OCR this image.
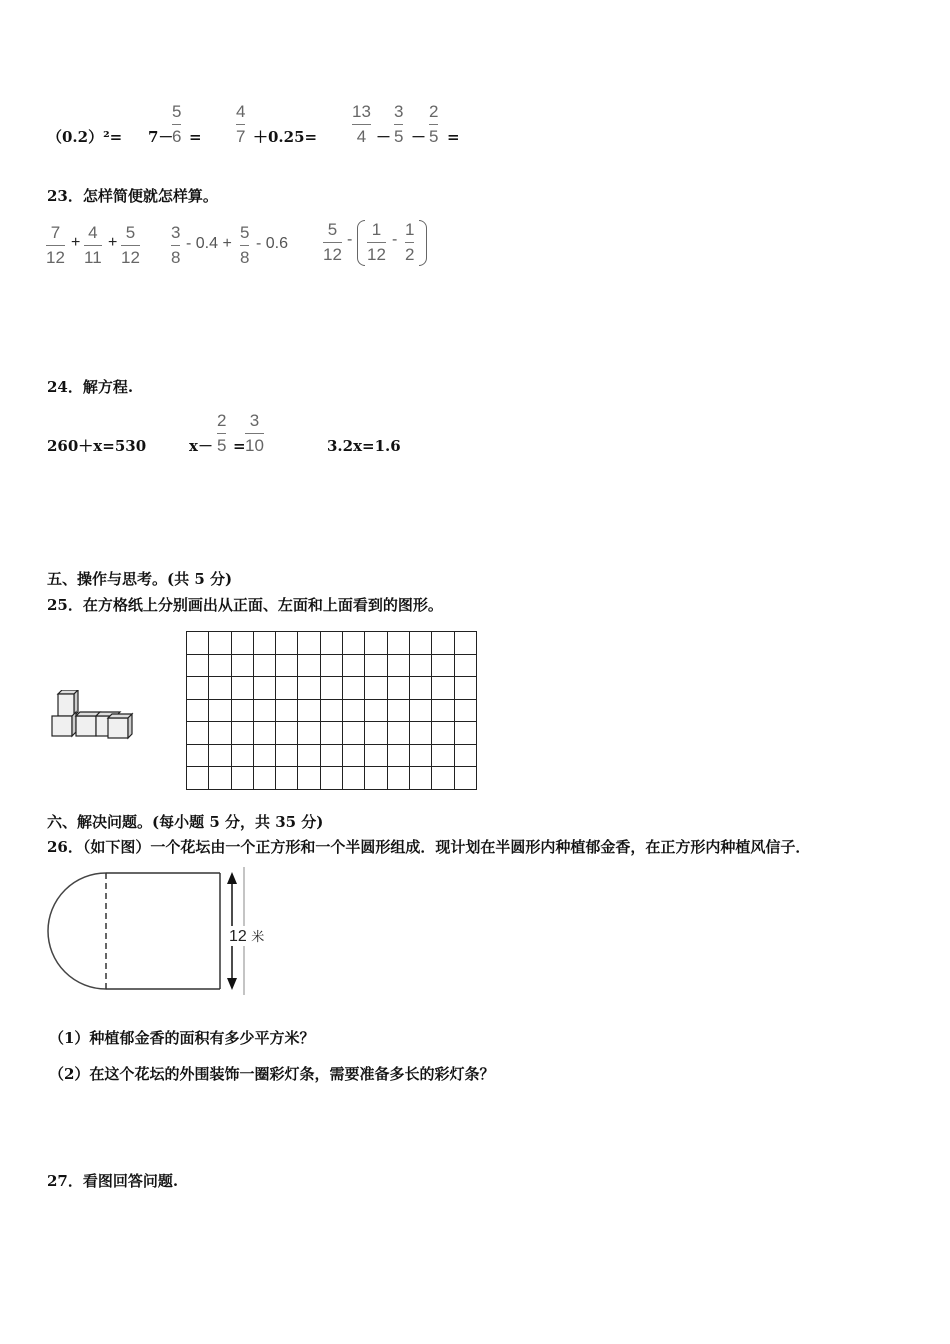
（0.2）²= 7－
5
6 =
4
7 ＋0.25=
13
4 －
3
5 －
2
5 =
23．怎样简便就怎样算。
7
12
+
4
11
+
5
12
3
8
- 0.4 +
5
8
- 0.6
5
12
-
1
12
-
1
2
24．解方程.
260＋x=530	x－
2
5 =
3
10	3.2x=1.6
五、操作与思考。(共 5 分)
25．在方格纸上分别画出从正面、左面和上面看到的图形。

六、解决问题。(每小题 5 分，共 35 分)
26．（如下图）一个花坛由一个正方形和一个半圆形组成．现计划在半圆形内种植郁金香，在正方形内种植风信子．
12 米
（1）种植郁金香的面积有多少平方米？
（2）在这个花坛的外围装饰一圈彩灯条，需要准备多长的彩灯条？
27．看图回答问题.
